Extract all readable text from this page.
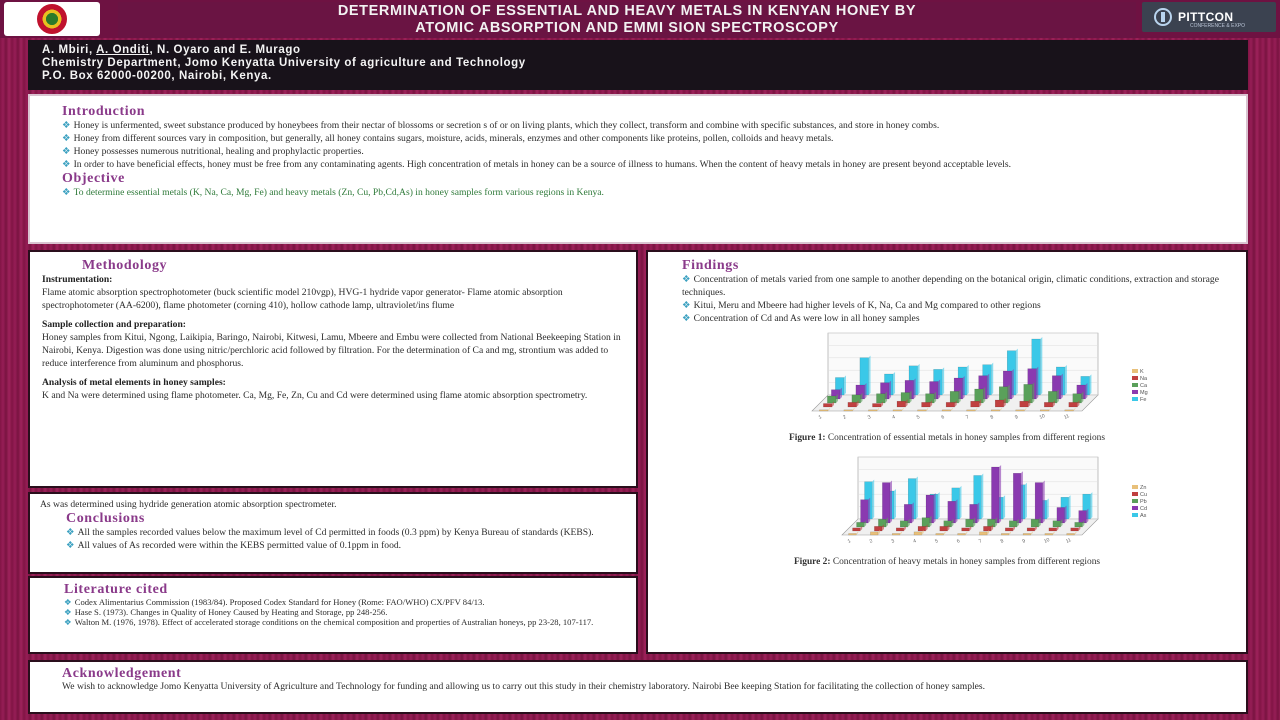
DETERMINATION OF ESSENTIAL AND HEAVY METALS IN KENYAN HONEY BY
ATOMIC ABSORPTION AND EMMI SION SPECTROSCOPY
PITTCON
CONFERENCE & EXPO
A. Mbiri, A. Onditi, N. Oyaro and E. Murago
Chemistry Department, Jomo Kenyatta University of agriculture and Technology
P.O. Box 62000-00200, Nairobi, Kenya.
Introduction
❖ Honey is unfermented, sweet substance produced by honeybees from their nectar of blossoms or secretion s of or on living plants, which they collect, transform and combine with specific substances, and store in honey combs.
❖ Honey from different sources vary in composition, but generally, all honey contains sugars, moisture, acids, minerals, enzymes and other components like proteins, pollen, colloids and heavy metals.
❖ Honey possesses numerous nutritional, healing and prophylactic properties.
❖ In order to have beneficial effects, honey must be free from any contaminating agents. High concentration of metals in honey can be a source of illness to humans. When the content of heavy metals in honey are present beyond acceptable levels.
Objective
❖ To determine essential metals (K, Na, Ca, Mg, Fe) and heavy metals (Zn, Cu, Pb,Cd,As) in honey samples form various regions in Kenya.
Methodology
Instrumentation:
Flame atomic absorption spectrophotometer (buck scientific model 210vgp), HVG-1 hydride vapor generator- Flame atomic absorption spectrophotometer (AA-6200), flame photometer (corning 410), hollow cathode lamp, ultraviolet/ins flume
Sample collection and preparation:
Honey samples from Kitui, Ngong, Laikipia, Baringo, Nairobi, Kitwesi, Lamu, Mbeere and Embu were collected from National Beekeeping Station in Nairobi, Kenya. Digestion was done using nitric/perchloric acid followed by filtration. For the determination of Ca and mg, strontium was added to reduce interference from aluminum and phosphorus.
Analysis of metal elements in honey samples:
K and Na were determined using flame photometer. Ca, Mg, Fe, Zn, Cu and Cd were determined using flame atomic absorption spectrometry.
As was determined using hydride generation atomic absorption spectrometer.
Conclusions
❖ All the samples recorded values below the maximum level of Cd permitted in foods (0.3 ppm) by Kenya Bureau of standards (KEBS).
❖ All values of As recorded were within the KEBS permitted value of 0.1ppm in food.
Literature cited
❖ Codex Alimentarius Commission (1983/84). Proposed Codex Standard for Honey (Rome: FAO/WHO) CX/PFV 84/13.
❖ Hase S. (1973). Changes in Quality of Honey Caused by Heating and Storage, pp 248-256.
❖ Walton M. (1976, 1978). Effect of accelerated storage conditions on the chemical composition and properties of Australian honeys, pp 23-28, 107-117.
Findings
❖ Concentration of metals varied from one sample to another depending on the botanical origin, climatic conditions, extraction and storage techniques.
❖ Kitui, Meru and Mbeere had higher levels of K, Na, Ca and Mg compared to other regions
❖ Concentration of Cd and As were low in all honey samples
1	2	3	4	5	6	7	8	9	10	11
K
Na
Ca
Mg
Fe
Figure 1: Concentration of essential metals in honey samples from different regions
1	2	3	4	5	6	7	8	9	10	11
Zn
Cu
Pb
Cd
As
Figure 2: Concentration of heavy metals in honey samples from different regions
Acknowledgement
We wish to acknowledge Jomo Kenyatta University of Agriculture and Technology for funding and allowing us to carry out this study in their chemistry laboratory. Nairobi Bee keeping Station for facilitating the collection of honey samples.
